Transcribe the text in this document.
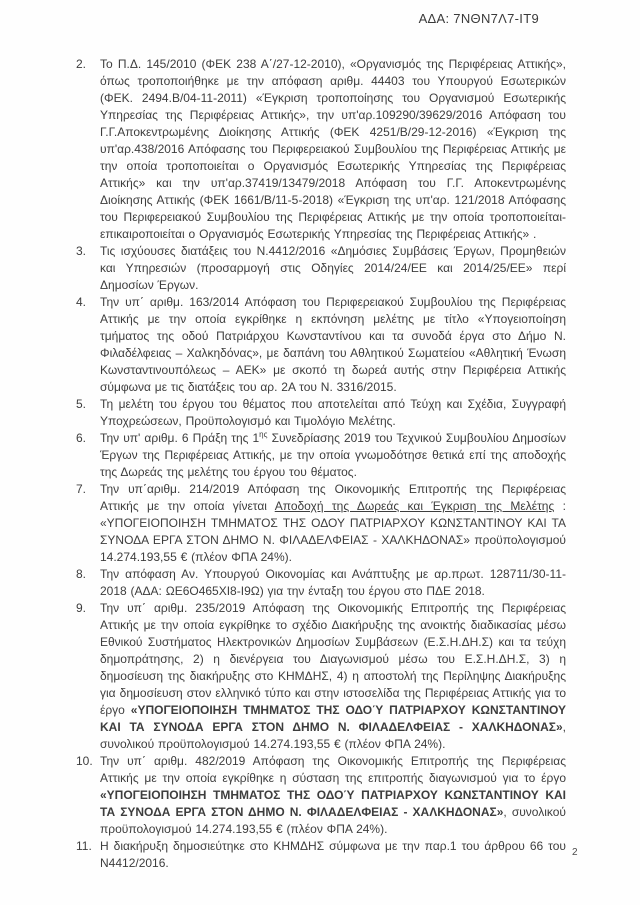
ΑΔΑ: 7ΝΘΝ7Λ7-ΙΤ9
2.	Το Π.Δ. 145/2010 (ΦΕΚ 238 Α΄/27-12-2010), «Οργανισμός της Περιφέρειας Αττικής», όπως τροποποιήθηκε με την απόφαση αριθμ. 44403 του Υπουργού Εσωτερικών (ΦΕΚ. 2494.Β/04-11-2011) «Έγκριση τροποποίησης του Οργανισμού Εσωτερικής Υπηρεσίας της Περιφέρειας Αττικής», την υπ'αρ.109290/39629/2016 Απόφαση του Γ.Γ.Αποκεντρωμένης Διοίκησης Αττικής (ΦΕΚ 4251/Β/29-12-2016) «Έγκριση της υπ'αρ.438/2016 Απόφασης του Περιφερειακού Συμβουλίου της Περιφέρειας Αττικής με την οποία τροποποιείται ο Οργανισμός Εσωτερικής Υπηρεσίας της Περιφέρειας Αττικής» και την υπ'αρ.37419/13479/2018 Απόφαση του Γ.Γ. Αποκεντρωμένης Διοίκησης Αττικής (ΦΕΚ 1661/Β/11-5-2018) «Έγκριση της υπ'αρ. 121/2018 Απόφασης του Περιφερειακού Συμβουλίου της Περιφέρειας Αττικής με την οποία τροποποιείται-επικαιροποιείται ο Οργανισμός Εσωτερικής Υπηρεσίας της Περιφέρειας Αττικής» .
3.	Τις ισχύουσες διατάξεις του Ν.4412/2016 «Δημόσιες Συμβάσεις Έργων, Προμηθειών και Υπηρεσιών (προσαρμογή στις Οδηγίες 2014/24/ΕΕ και 2014/25/ΕΕ» περί Δημοσίων Έργων.
4.	Την υπ΄ αριθμ. 163/2014 Απόφαση του Περιφερειακού Συμβουλίου της Περιφέρειας Αττικής με την οποία εγκρίθηκε η εκπόνηση μελέτης με τίτλο «Υπογειοποίηση τμήματος της οδού Πατριάρχου Κωνσταντίνου και τα συνοδά έργα στο Δήμο Ν. Φιλαδέλφειας – Χαλκηδόνας», με δαπάνη του Αθλητικού Σωματείου «Αθλητική Ένωση Κωνσταντινουπόλεως – ΑΕΚ» με σκοπό τη δωρεά αυτής στην Περιφέρεια Αττικής σύμφωνα με τις διατάξεις του αρ. 2Α του Ν. 3316/2015.
5.	Τη μελέτη του έργου του θέματος που αποτελείται από Τεύχη και Σχέδια, Συγγραφή Υποχρεώσεων, Προϋπολογισμό και Τιμολόγιο Μελέτης.
6.	Την υπ' αριθμ. 6 Πράξη της $1^{\eta\varsigma}$ Συνεδρίασης 2019 του Τεχνικού Συμβουλίου Δημοσίων Έργων της Περιφέρειας Αττικής, με την οποία γνωμοδότησε θετικά επί της αποδοχής της Δωρεάς της μελέτης του έργου του θέματος.
7.	Την υπ΄αριθμ. 214/2019 Απόφαση της Οικονομικής Επιτροπής της Περιφέρειας Αττικής με την οποία γίνεται Αποδοχή της Δωρεάς και Έγκριση της Μελέτης : «ΥΠΟΓΕΙΟΠΟΙΗΣΗ ΤΜΗΜΑΤΟΣ ΤΗΣ ΟΔΟΥ ΠΑΤΡΙΑΡΧΟΥ ΚΩΝΣΤΑΝΤΙΝΟΥ ΚΑΙ ΤΑ ΣΥΝΟΔΑ ΕΡΓΑ ΣΤΟΝ ΔΗΜΟ Ν. ΦΙΛΑΔΕΛΦΕΙΑΣ - ΧΑΛΚΗΔΟΝΑΣ» προϋπολογισμού 14.274.193,55 € (πλέον ΦΠΑ 24%).
8.	Την απόφαση Αν. Υπουργού Οικονομίας και Ανάπτυξης με αρ.πρωτ. 128711/30-11-2018 (ΑΔΑ: ΩΕ6Ο465ΧΙ8-Ι9Ω) για την ένταξη του έργου στο ΠΔΕ 2018.
9.	Την υπ΄ αριθμ. 235/2019 Απόφαση της Οικονομικής Επιτροπής της Περιφέρειας Αττικής με την οποία εγκρίθηκε το σχέδιο Διακήρυξης της ανοικτής διαδικασίας μέσω Εθνικού Συστήματος Ηλεκτρονικών Δημοσίων Συμβάσεων (Ε.Σ.Η.ΔΗ.Σ) και τα τεύχη δημοπράτησης, 2) η διενέργεια του Διαγωνισμού μέσω του Ε.Σ.Η.ΔΗ.Σ, 3) η δημοσίευση της διακήρυξης στο ΚΗΜΔΗΣ, 4) η αποστολή της Περίληψης Διακήρυξης για δημοσίευση στον ελληνικό τύπο και στην ιστοσελίδα της Περιφέρειας Αττικής για το έργο «ΥΠΟΓΕΙΟΠΟΙΗΣΗ ΤΜΗΜΑΤΟΣ ΤΗΣ ΟΔΟΎ ΠΑΤΡΙΑΡΧΟΥ ΚΩΝΣΤΑΝΤΙΝΟΥ ΚΑΙ ΤΑ ΣΥΝΟΔΑ ΕΡΓΑ ΣΤΟΝ ΔΗΜΟ Ν. ΦΙΛΑΔΕΛΦΕΙΑΣ - ΧΑΛΚΗΔΟΝΑΣ», συνολικού προϋπολογισμού 14.274.193,55 € (πλέον ΦΠΑ 24%).
10. Την υπ΄ αριθμ. 482/2019 Απόφαση της Οικονομικής Επιτροπής της Περιφέρειας Αττικής με την οποία εγκρίθηκε η σύσταση της επιτροπής διαγωνισμού για το έργο «ΥΠΟΓΕΙΟΠΟΙΗΣΗ ΤΜΗΜΑΤΟΣ ΤΗΣ ΟΔΟΎ ΠΑΤΡΙΑΡΧΟΥ ΚΩΝΣΤΑΝΤΙΝΟΥ ΚΑΙ ΤΑ ΣΥΝΟΔΑ ΕΡΓΑ ΣΤΟΝ ΔΗΜΟ Ν. ΦΙΛΑΔΕΛΦΕΙΑΣ - ΧΑΛΚΗΔΟΝΑΣ», συνολικού προϋπολογισμού 14.274.193,55 € (πλέον ΦΠΑ 24%).
11. Η διακήρυξη δημοσιεύτηκε στο ΚΗΜΔΗΣ σύμφωνα με την παρ.1 του άρθρου 66 του Ν4412/2016.
2
